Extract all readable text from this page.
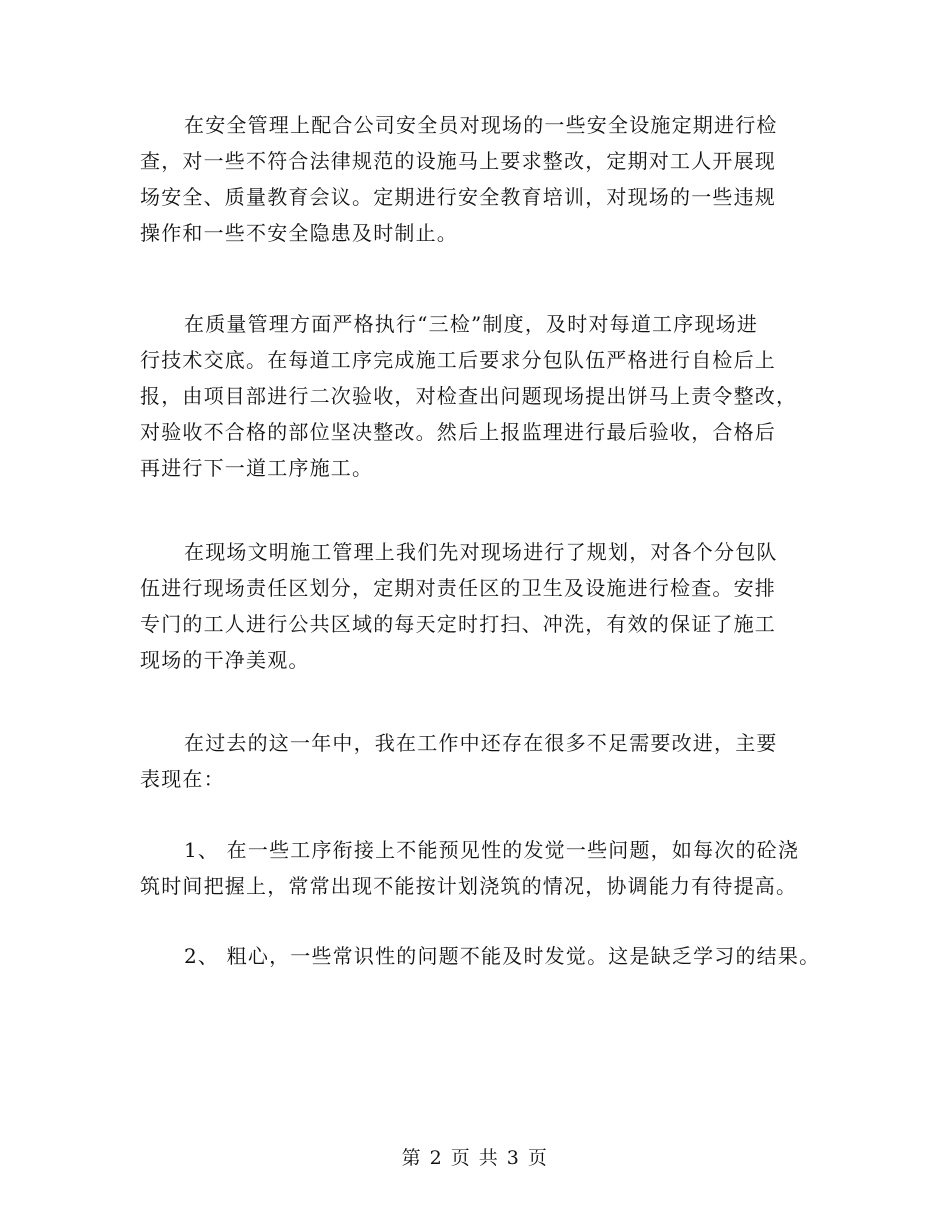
在安全管理上配合公司安全员对现场的一些安全设施定期进行检
查，对一些不符合法律规范的设施马上要求整改，定期对工人开展现
场安全、质量教育会议。定期进行安全教育培训，对现场的一些违规
操作和一些不安全隐患及时制止。
在质量管理方面严格执行“三检”制度，及时对每道工序现场进
行技术交底。在每道工序完成施工后要求分包队伍严格进行自检后上
报，由项目部进行二次验收，对检查出问题现场提出饼马上责令整改，
对验收不合格的部位坚决整改。然后上报监理进行最后验收，合格后
再进行下一道工序施工。
在现场文明施工管理上我们先对现场进行了规划，对各个分包队
伍进行现场责任区划分，定期对责任区的卫生及设施进行检查。安排
专门的工人进行公共区域的每天定时打扫、冲洗，有效的保证了施工
现场的干净美观。
在过去的这一年中，我在工作中还存在很多不足需要改进，主要
表现在：
1、 在一些工序衔接上不能预见性的发觉一些问题，如每次的砼浇
筑时间把握上，常常出现不能按计划浇筑的情况，协调能力有待提高。
2、 粗心，一些常识性的问题不能及时发觉。这是缺乏学习的结果。
第 2 页 共 3 页
